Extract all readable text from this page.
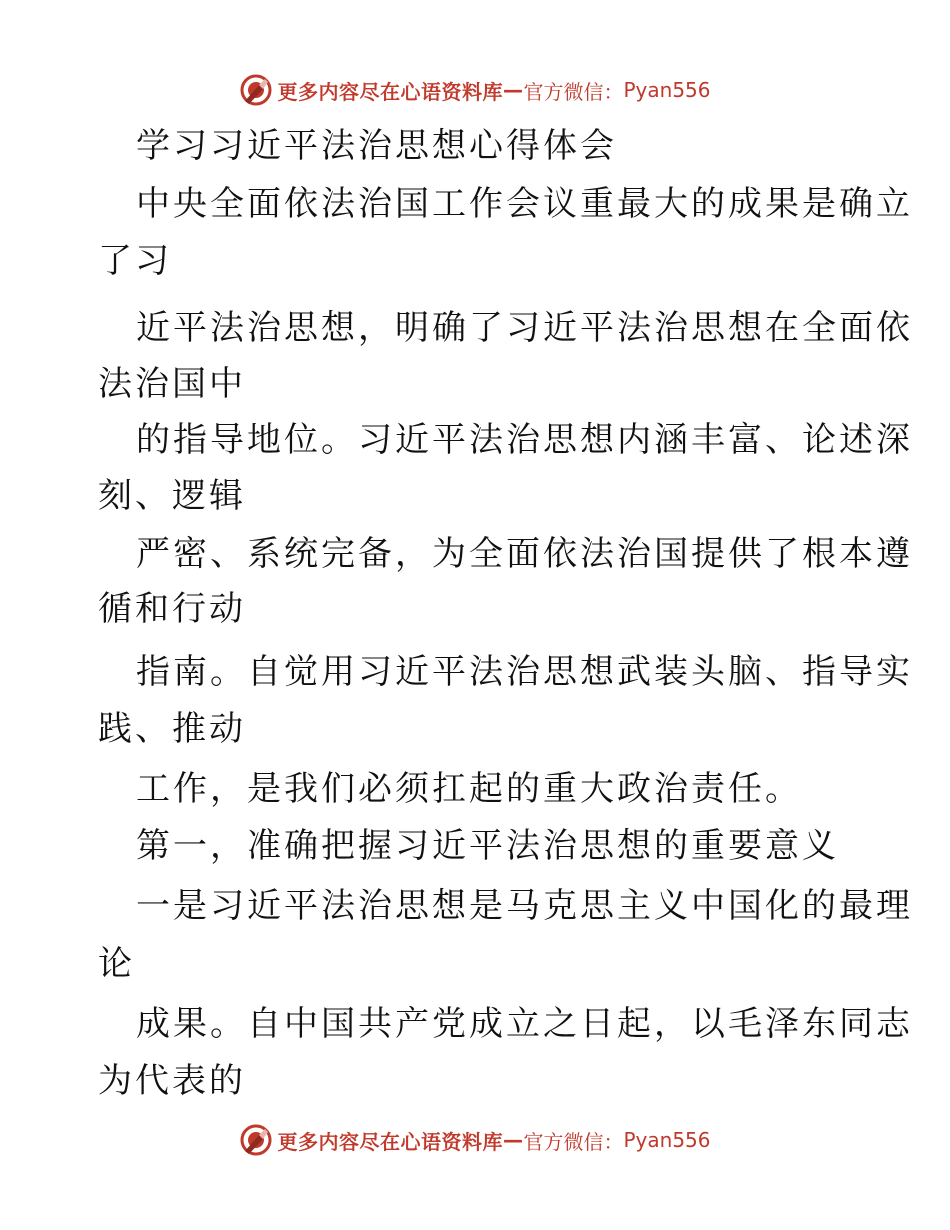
更多内容尽在心语资料库 — 官方微信： Pyan556
学习习近平法治思想心得体会
中央全面依法治国工作会议重最大的成果是确立
了习
近平法治思想，明确了习近平法治思想在全面依
法治国中
的指导地位。习近平法治思想内涵丰富、论述深
刻、逻辑
严密、系统完备，为全面依法治国提供了根本遵
循和行动
指南。自觉用习近平法治思想武装头脑、指导实
践、推动
工作，是我们必须扛起的重大政治责任。
第一，准确把握习近平法治思想的重要意义
一是习近平法治思想是马克思主义中国化的最理
论
成果。自中国共产党成立之日起，以毛泽东同志
为代表的
更多内容尽在心语资料库 — 官方微信： Pyan556
